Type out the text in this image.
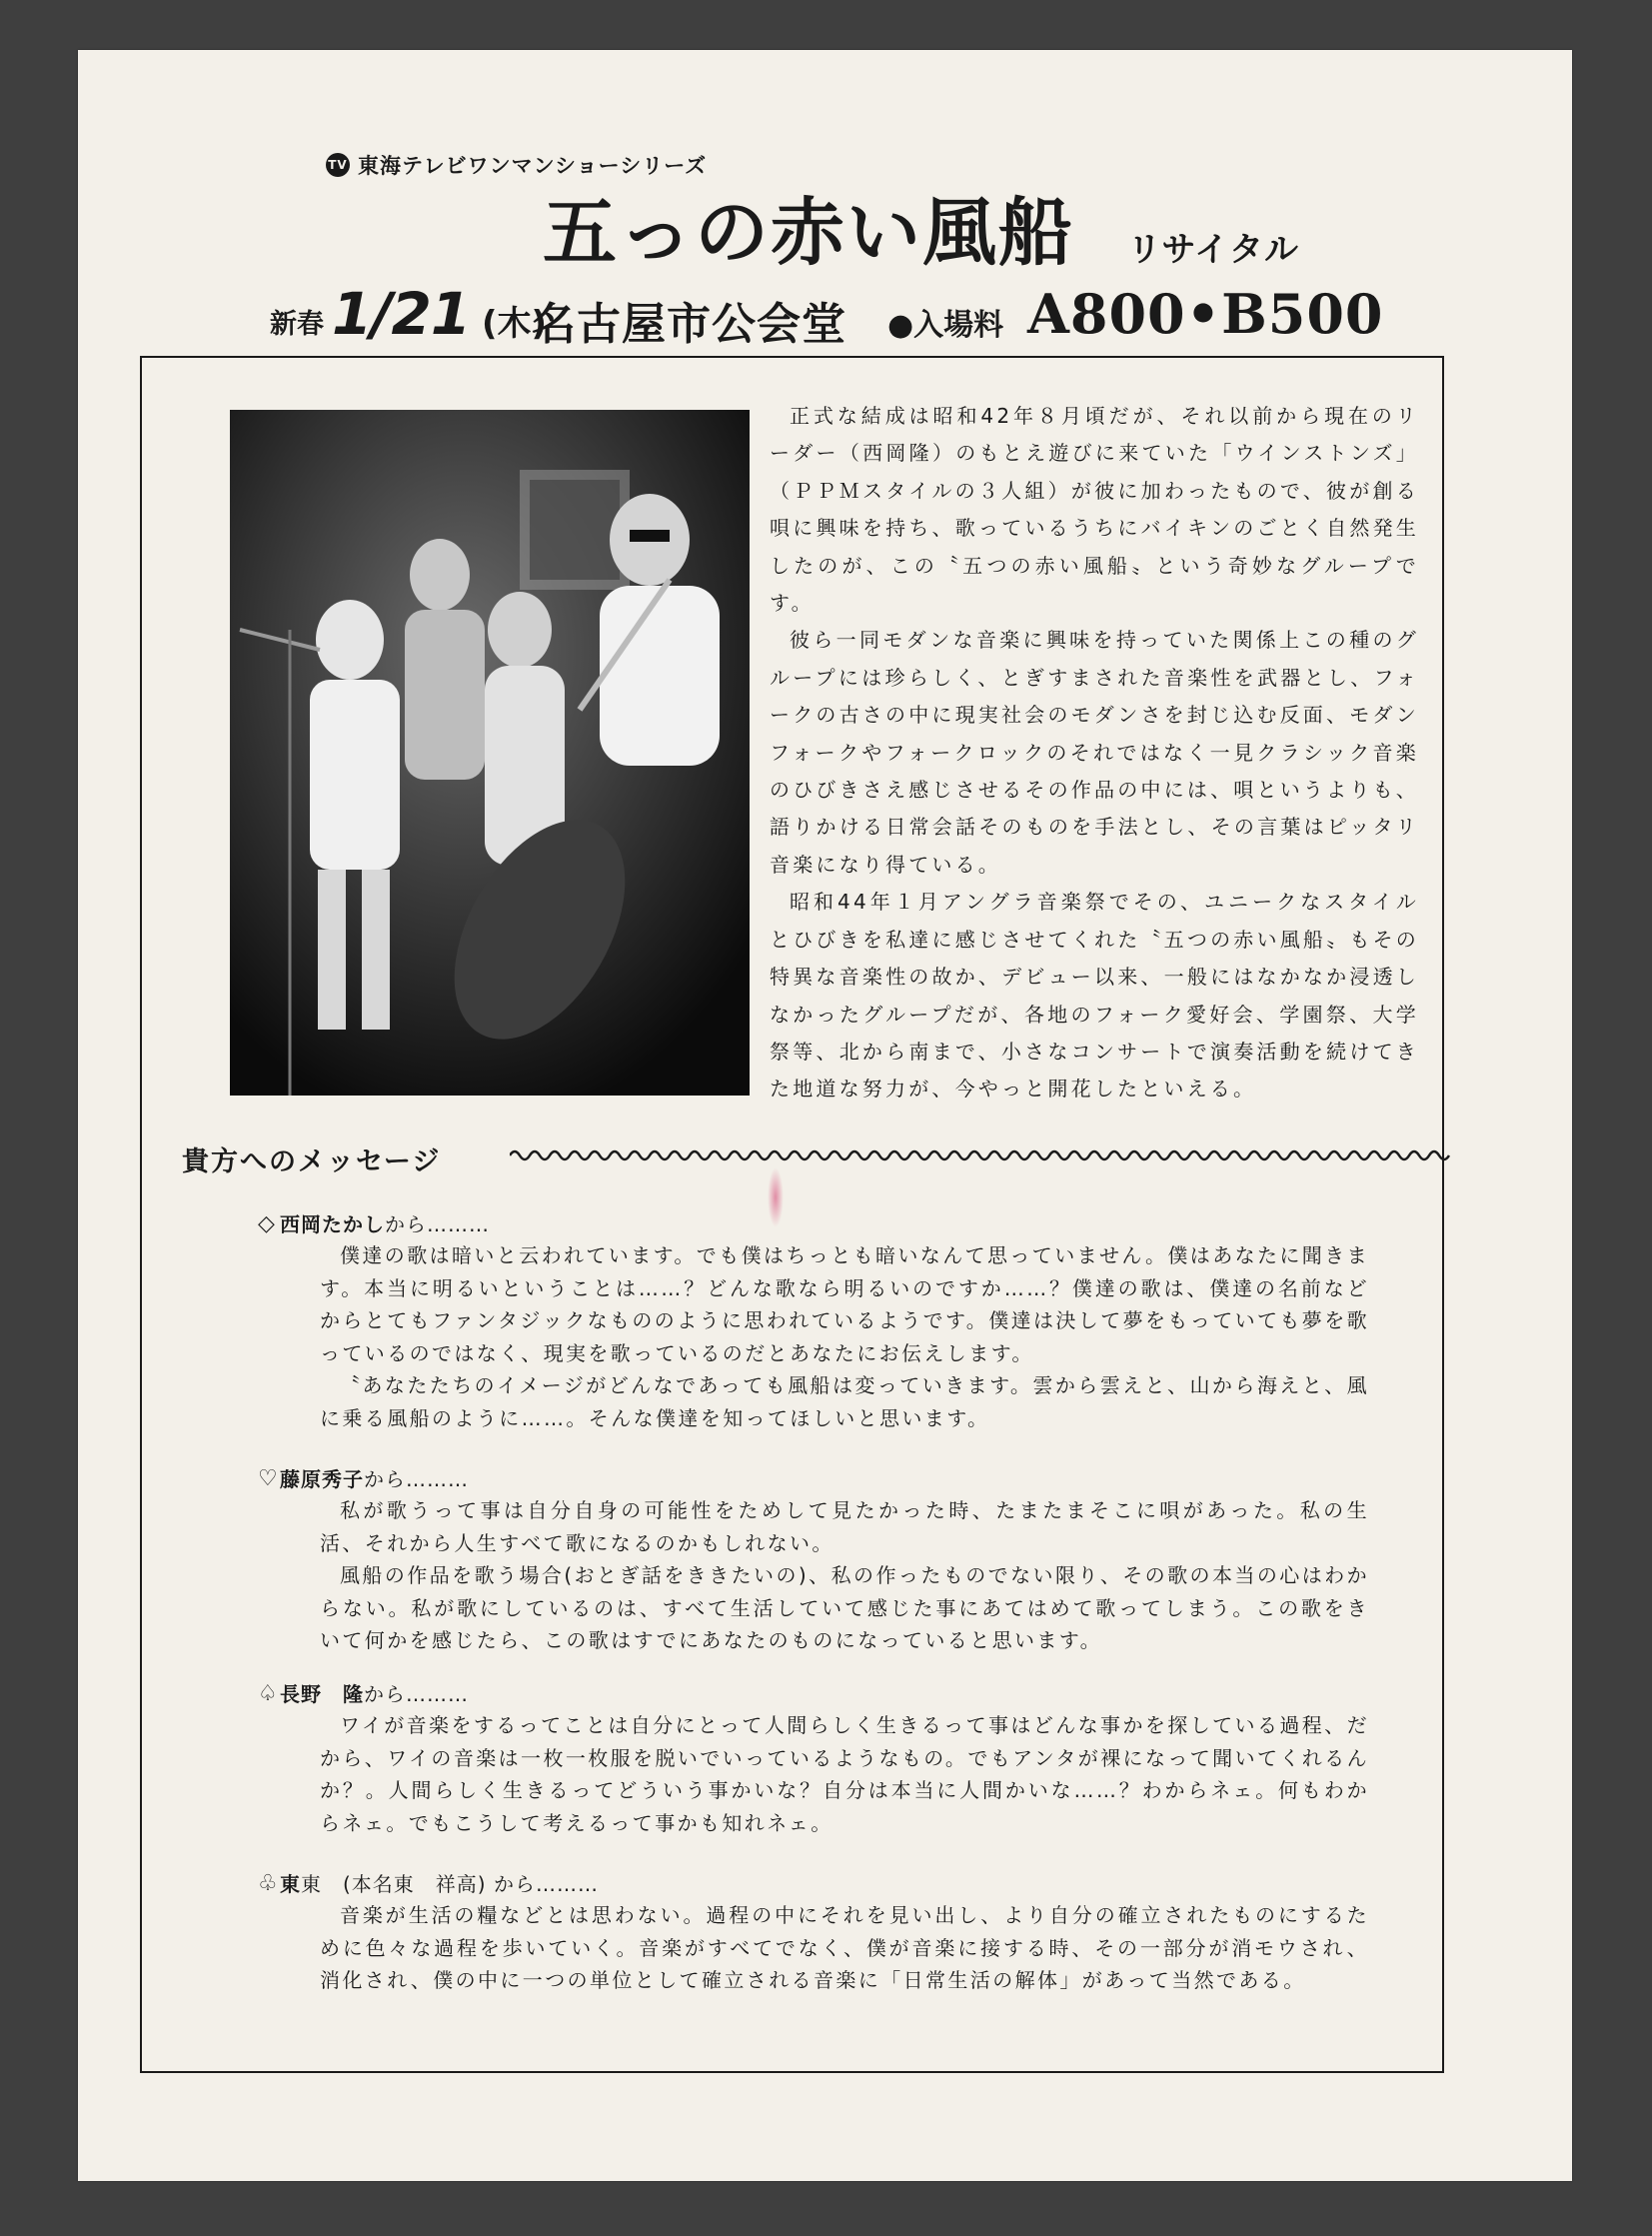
TV 東海テレビワンマンショーシリーズ
五っの赤い風船 リサイタル
新春 1/21 (木)
名古屋市公会堂 ●入場料 A800•B500

正式な結成は昭和42年８月頃だが、それ以前から現在のリーダー（西岡隆）のもとえ遊びに来ていた「ウインストンズ」（ＰＰＭスタイルの３人組）が彼に加わったもので、彼が創る唄に興味を持ち、歌っているうちにバイキンのごとく自然発生したのが、この〝五つの赤い風船〟という奇妙なグループです。

彼ら一同モダンな音楽に興味を持っていた関係上この種のグループには珍らしく、とぎすまされた音楽性を武器とし、フォークの古さの中に現実社会のモダンさを封じ込む反面、モダンフォークやフォークロックのそれではなく一見クラシック音楽のひびきさえ感じさせるその作品の中には、唄というよりも、語りかける日常会話そのものを手法とし、その言葉はピッタリ音楽になり得ている。

昭和44年１月アングラ音楽祭でその、ユニークなスタイルとひびきを私達に感じさせてくれた〝五つの赤い風船〟もその特異な音楽性の故か、デビュー以来、一般にはなかなか浸透しなかったグループだが、各地のフォーク愛好会、学園祭、大学祭等、北から南まで、小さなコンサートで演奏活動を続けてきた地道な努力が、今やっと開花したといえる。

貴方へのメッセージ
◇ 西岡たかし から………

僕達の歌は暗いと云われています。でも僕はちっとも暗いなんて思っていません。僕はあなたに聞きます。本当に明るいということは……？どんな歌なら明るいのですか……？僕達の歌は、僕達の名前などからとてもファンタジックなもののように思われているようです。僕達は決して夢をもっていても夢を歌っているのではなく、現実を歌っているのだとあなたにお伝えします。

〝あなたたちのイメージがどんなであっても風船は変っていきます。雲から雲えと、山から海えと、風に乗る風船のように……。そんな僕達を知ってほしいと思います。

♡ 藤原秀子 から………

私が歌うって事は自分自身の可能性をためして見たかった時、たまたまそこに唄があった。私の生活、それから人生すべて歌になるのかもしれない。

風船の作品を歌う場合(おとぎ話をききたいの)、私の作ったものでない限り、その歌の本当の心はわからない。私が歌にしているのは、すべて生活していて感じた事にあてはめて歌ってしまう。この歌をきいて何かを感じたら、この歌はすでにあなたのものになっていると思います。

♤ 長野　隆 から………

ワイが音楽をするってことは自分にとって人間らしく生きるって事はどんな事かを探している過程、だから、ワイの音楽は一枚一枚服を脱いでいっているようなもの。でもアンタが裸になって聞いてくれるんか？。人間らしく生きるってどういう事かいな？自分は本当に人間かいな……？わからネェ。何もわからネェ。でもこうして考えるって事かも知れネェ。

♧ 東 東　(本名東　祥高) から………

音楽が生活の糧などとは思わない。過程の中にそれを見い出し、より自分の確立されたものにするために色々な過程を歩いていく。音楽がすべてでなく、僕が音楽に接する時、その一部分が消モウされ、消化され、僕の中に一つの単位として確立される音楽に「日常生活の解体」があって当然である。
